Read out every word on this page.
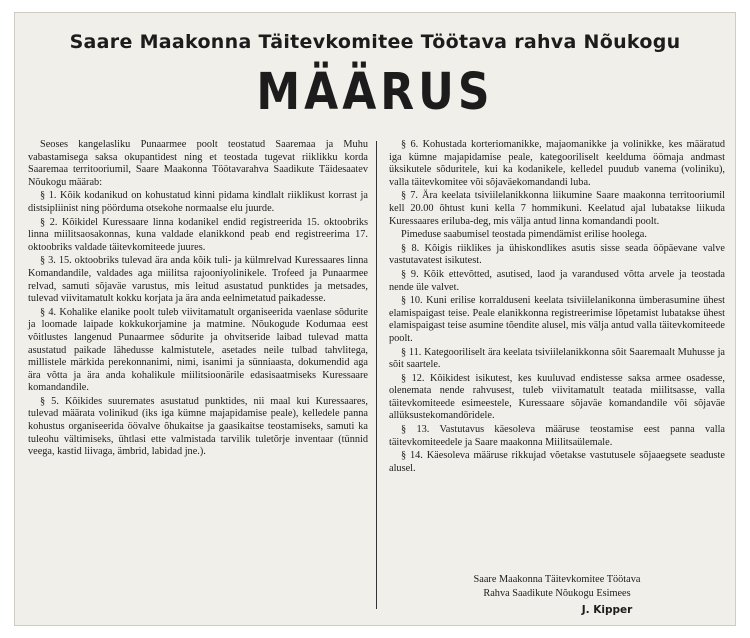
Saare Maakonna Täitevkomitee Töötava rahva Nõukogu
MÄÄRUS

Seoses kangelasliku Punaarmee poolt teostatud Saaremaa ja Muhu vabastamisega saksa okupantidest ning et teostada tugevat riiklikku korda Saaremaa territooriumil, Saare Maakonna Töötavarahva Saadikute Täidesaatev Nõukogu määrab:

§ 1. Kõik kodanikud on kohustatud kinni pidama kindlalt riiklikust korrast ja distsipliinist ning pöörduma otsekohe normaalse elu juurde.

§ 2. Kõikidel Kuressaare linna kodanikel endid registreerida 15. oktoobriks linna miilitsaosakonnas, kuna valdade elanikkond peab end registreerima 17. oktoobriks valdade täitevkomiteede juures.

§ 3. 15. oktoobriks tulevad ära anda kõik tuli- ja külmrelvad Kuressaares linna Komandandile, valdades aga miilitsa rajooniyolinikele. Trofeed ja Punaarmee relvad, samuti sõjaväe varustus, mis leitud asustatud punktides ja metsades, tulevad viivitamatult kokku korjata ja ära anda eelnimetatud paikadesse.

§ 4. Kohalike elanike poolt tuleb viivitamatult organiseerida vaenlase sõdurite ja loomade laipade kokkukorjamine ja matmine. Nõukogude Kodumaa eest võitlustes langenud Punaarmee sõdurite ja ohvitseride laibad tulevad matta asustatud paikade lähedusse kalmistutele, asetades neile tulbad tahvlitega, millistele märkida perekonnanimi, nimi, isanimi ja sünniaasta, dokumendid aga ära võtta ja ära anda kohalikule miilitsioonärile edasisaatmiseks Kuressaare komandandile.

§ 5. Kõikides suuremates asustatud punktides, nii maal kui Kuressaares, tulevad määrata volinikud (iks iga kümne majapidamise peale), kelledele panna kohustus organiseerida öövalve õhukaitse ja gaasikaitse teostamiseks, samuti ka tuleohu vältimiseks, ühtlasi ette valmistada tarvilik tuletõrje inventaar (tünnid veega, kastid liivaga, ämbrid, labidad jne.).

§ 6. Kohustada korteriomanikke, majaomanikke ja volinikke, kes määratud iga kümne majapidamise peale, kategooriliselt keelduma öömaja andmast üksikutele sõduritele, kui ka kodanikele, kelledel puudub vanema (voliniku), valla täitevkomitee või sõjaväekomandandi luba.

§ 7. Ära keelata tsiviilelanikkonna liikumine Saare maakonna territooriumil kell 20.00 õhtust kuni kella 7 hommikuni. Keelatud ajal lubatakse liikuda Kuressaares eriluba-deg, mis välja antud linna komandandi poolt.

Pimeduse saabumisel teostada pimendämist erilise hoolega.

§ 8. Kõigis riiklikes ja ühiskondlikes asutis sisse seada ööpäevane valve vastutavatest isikutest.

§ 9. Kõik ettevõtted, asutised, laod ja varandused võtta arvele ja teostada nende üle valvet.

§ 10. Kuni erilise korralduseni keelata tsiviilelanikonna ümberasumine ühest elamispaigast teise. Peale elanikkonna registreerimise lõpetamist lubatakse ühest elamispaigast teise asumine tõendite alusel, mis välja antud valla täitevkomiteede poolt.

§ 11. Kategooriliselt ära keelata tsiviilelanikkonna sõit Saaremaalt Muhusse ja sõit saartele.

§ 12. Kõikidest isikutest, kes kuuluvad endistesse saksa armee osadesse, olenemata nende rahvusest, tuleb viivitamatult teatada miilitsasse, valla täitevkomiteede esimeestele, Kuressaare sõjaväe komandandile või sõjaväe allüksustekomandöridele.

§ 13. Vastutavus käesoleva määruse teostamise eest panna valla täitevkomiteedele ja Saare maakonna Miilitsaülemale.

§ 14. Käesoleva määruse rikkujad võetakse vastutusele sõjaaegsete seaduste alusel.

Saare Maakonna Täitevkomitee Töötava
Rahva Saadikute Nõukogu Esimees
J. Kipper
